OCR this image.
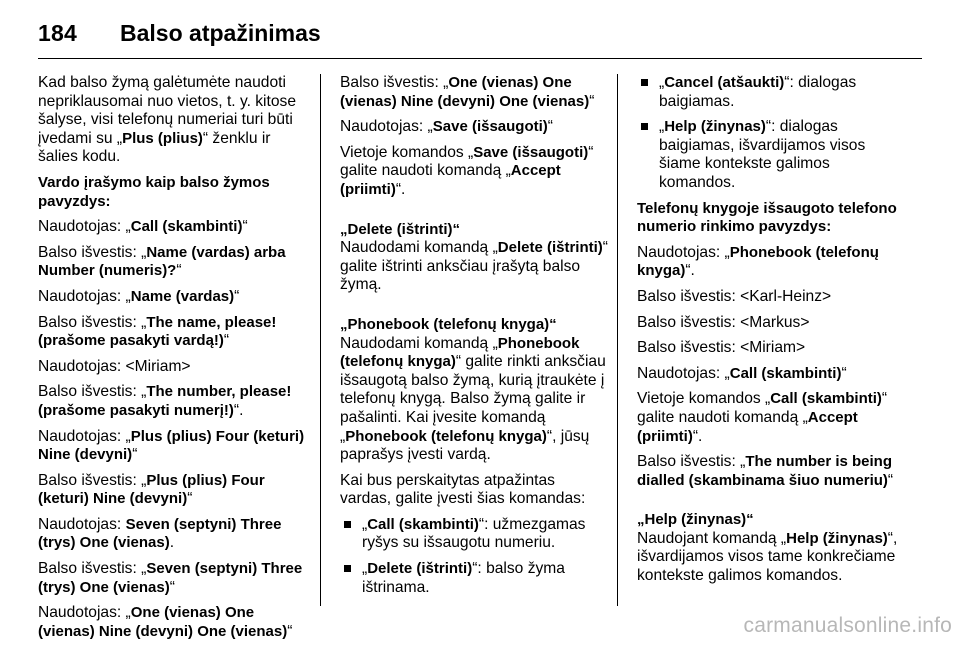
184 Balso atpažinimas

Kad balso žymą galėtumėte naudoti nepriklausomai nuo vietos, t. y. kitose šalyse, visi telefonų numeriai turi būti įvedami su „Plus (plius)“ ženklu ir šalies kodu.

Vardo įrašymo kaip balso žymos pavyzdys:

Naudotojas: „Call (skambinti)“

Balso išvestis: „Name (vardas) arba Number (numeris)?“

Naudotojas: „Name (vardas)“

Balso išvestis: „The name, please! (prašome pasakyti vardą!)“

Naudotojas: <Miriam>

Balso išvestis: „The number, please! (prašome pasakyti numerį!)“.

Naudotojas: „Plus (plius) Four (keturi) Nine (devyni)“

Balso išvestis: „Plus (plius) Four (keturi) Nine (devyni)“

Naudotojas: Seven (septyni) Three (trys) One (vienas).

Balso išvestis: „Seven (septyni) Three (trys) One (vienas)“

Naudotojas: „One (vienas) One (vienas) Nine (devyni) One (vienas)“

Balso išvestis: „One (vienas) One (vienas) Nine (devyni) One (vienas)“

Naudotojas: „Save (išsaugoti)“

Vietoje komandos „Save (išsaugoti)“ galite naudoti komandą „Accept (priimti)“.

„Delete (ištrinti)“

Naudodami komandą „Delete (ištrinti)“ galite ištrinti anksčiau įrašytą balso žymą.

„Phonebook (telefonų knyga)“

Naudodami komandą „Phonebook (telefonų knyga)“ galite rinkti anksčiau išsaugotą balso žymą, kurią įtraukėte į telefonų knygą. Balso žymą galite ir pašalinti. Kai įvesite komandą „Phonebook (telefonų knyga)“, jūsų paprašys įvesti vardą.

Kai bus perskaitytas atpažintas vardas, galite įvesti šias komandas:

„Call (skambinti)“: užmezgamas ryšys su išsaugotu numeriu.
„Delete (ištrinti)“: balso žyma ištrinama.
„Cancel (atšaukti)“: dialogas baigiamas.
„Help (žinynas)“: dialogas baigiamas, išvardijamos visos šiame kontekste galimos komandos.

Telefonų knygoje išsaugoto telefono numerio rinkimo pavyzdys:

Naudotojas: „Phonebook (telefonų knyga)“.

Balso išvestis: <Karl-Heinz>

Balso išvestis: <Markus>

Balso išvestis: <Miriam>

Naudotojas: „Call (skambinti)“

Vietoje komandos „Call (skambinti)“ galite naudoti komandą „Accept (priimti)“.

Balso išvestis: „The number is being dialled (skambinama šiuo numeriu)“

„Help (žinynas)“

Naudojant komandą „Help (žinynas)“, išvardijamos visos tame konkrečiame kontekste galimos komandos.

carmanualsonline.info
